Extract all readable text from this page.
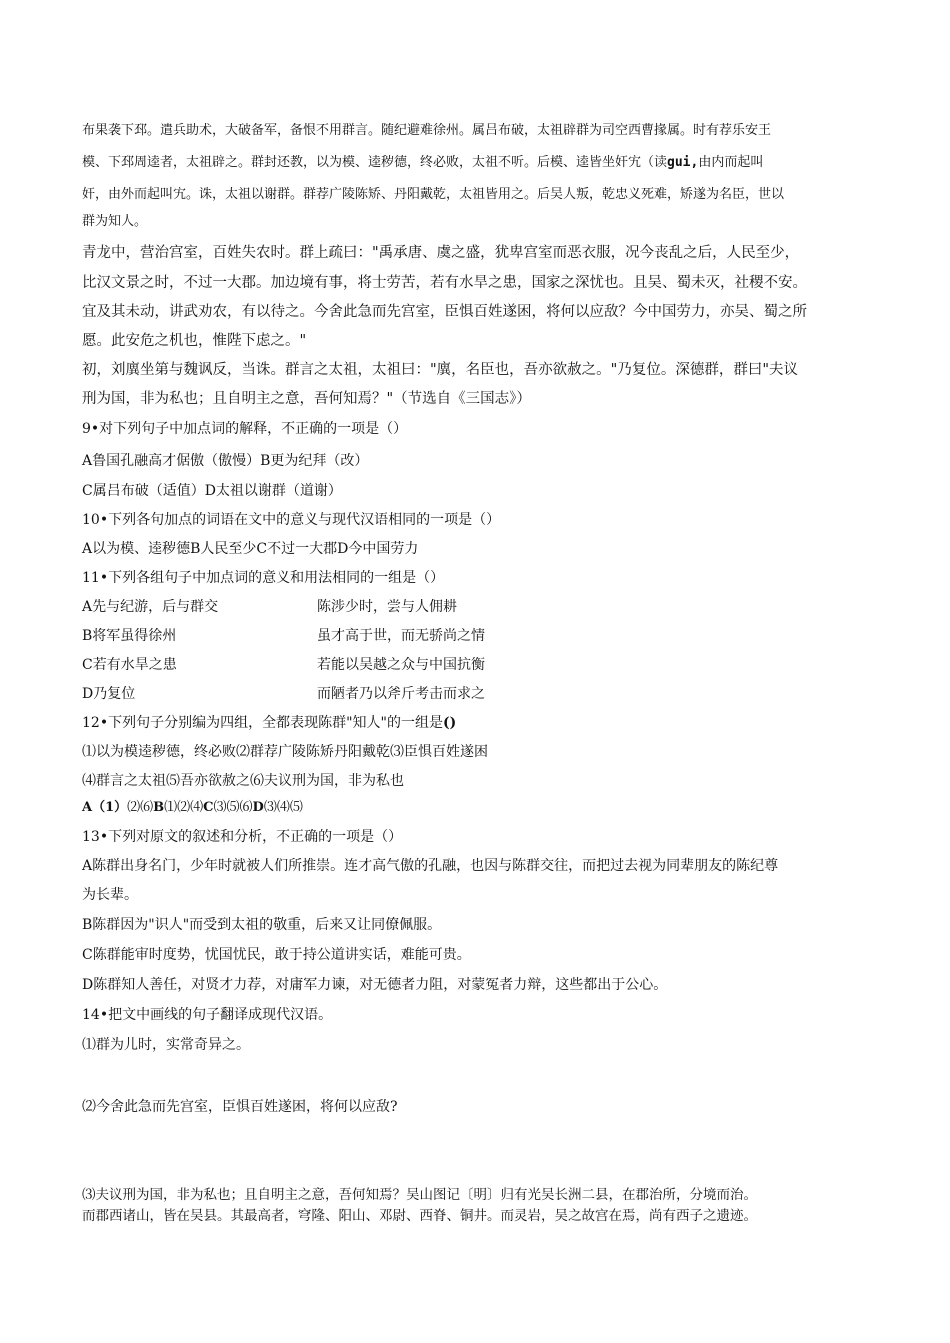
布果袭下邳。遣兵助术，大破备军，备恨不用群言。随纪避难徐州。属吕布破，太祖辟群为司空西曹掾属。时有荐乐安王
模、下邳周逵者，太祖辟之。群封还教，以为模、逵秽德，终必败，太祖不听。后模、逵皆坐奸宄（读gui,由内而起叫
奸，由外而起叫宄。诛，太祖以谢群。群荐广陵陈矫、丹阳戴乾，太祖皆用之。后吴人叛，乾忠义死难，矫遂为名臣，世以
群为知人。
青龙中，营治宫室，百姓失农时。群上疏曰："禹承唐、虞之盛，犹卑宫室而恶衣服，况今丧乱之后，人民至少，
比汉文景之时，不过一大郡。加边境有事，将士劳苦，若有水旱之患，国家之深忧也。且吴、蜀未灭，社稷不安。
宜及其未动，讲武劝农，有以待之。今舍此急而先宫室，臣惧百姓遂困，将何以应敌？今中国劳力，亦吴、蜀之所
愿。此安危之机也，惟陛下虑之。"
初，刘廙坐第与魏讽反，当诛。群言之太祖，太祖曰："廙，名臣也，吾亦欲赦之。"乃复位。深德群，群曰"夫议
刑为国，非为私也；且自明主之意，吾何知焉？"（节选自《三国志》）
9•对下列句子中加点词的解释，不正确的一项是（）
A鲁国孔融高才倨傲（傲慢）B更为纪拜（改）
C属吕布破（适值）D太祖以谢群（道谢）
10•下列各句加点的词语在文中的意义与现代汉语相同的一项是（）
A以为模、逵秽德B人民至少C不过一大郡D今中国劳力
11•下列各组句子中加点词的意义和用法相同的一组是（）
A先与纪游，后与群交	陈涉少时，尝与人佣耕
B将军虽得徐州	虽才高于世，而无骄尚之情
C若有水旱之患	若能以吴越之众与中国抗衡
D乃复位	而陋者乃以斧斤考击而求之
12•下列句子分别编为四组，全都表现陈群"知人"的一组是()
⑴以为模逵秽德，终必败⑵群荐广陵陈矫丹阳戴乾⑶臣惧百姓遂困
⑷群言之太祖⑸吾亦欲赦之⑹夫议刑为国，非为私也
A（1）⑵⑹B⑴⑵⑷C⑶⑸⑹D⑶⑷⑸
13•下列对原文的叙述和分析，不正确的一项是（）
A陈群出身名门，少年时就被人们所推崇。连才高气傲的孔融，也因与陈群交往，而把过去视为同辈朋友的陈纪尊
为长辈。
B陈群因为"识人"而受到太祖的敬重，后来又让同僚佩服。
C陈群能审时度势，忧国忧民，敢于持公道讲实话，难能可贵。
D陈群知人善任，对贤才力荐，对庸军力谏，对无德者力阻，对蒙冤者力辩，这些都出于公心。
14•把文中画线的句子翻译成现代汉语。
⑴群为儿时，实常奇异之。
⑵今舍此急而先宫室，臣惧百姓遂困，将何以应敌?
⑶夫议刑为国，非为私也；且自明主之意，吾何知焉？吴山图记〔明〕归有光吴长洲二县，在郡治所，分境而治。
而郡西诸山，皆在吴县。其最高者，穹隆、阳山、邓尉、西脊、铜井。而灵岩，吴之故宫在焉，尚有西子之遗迹。
